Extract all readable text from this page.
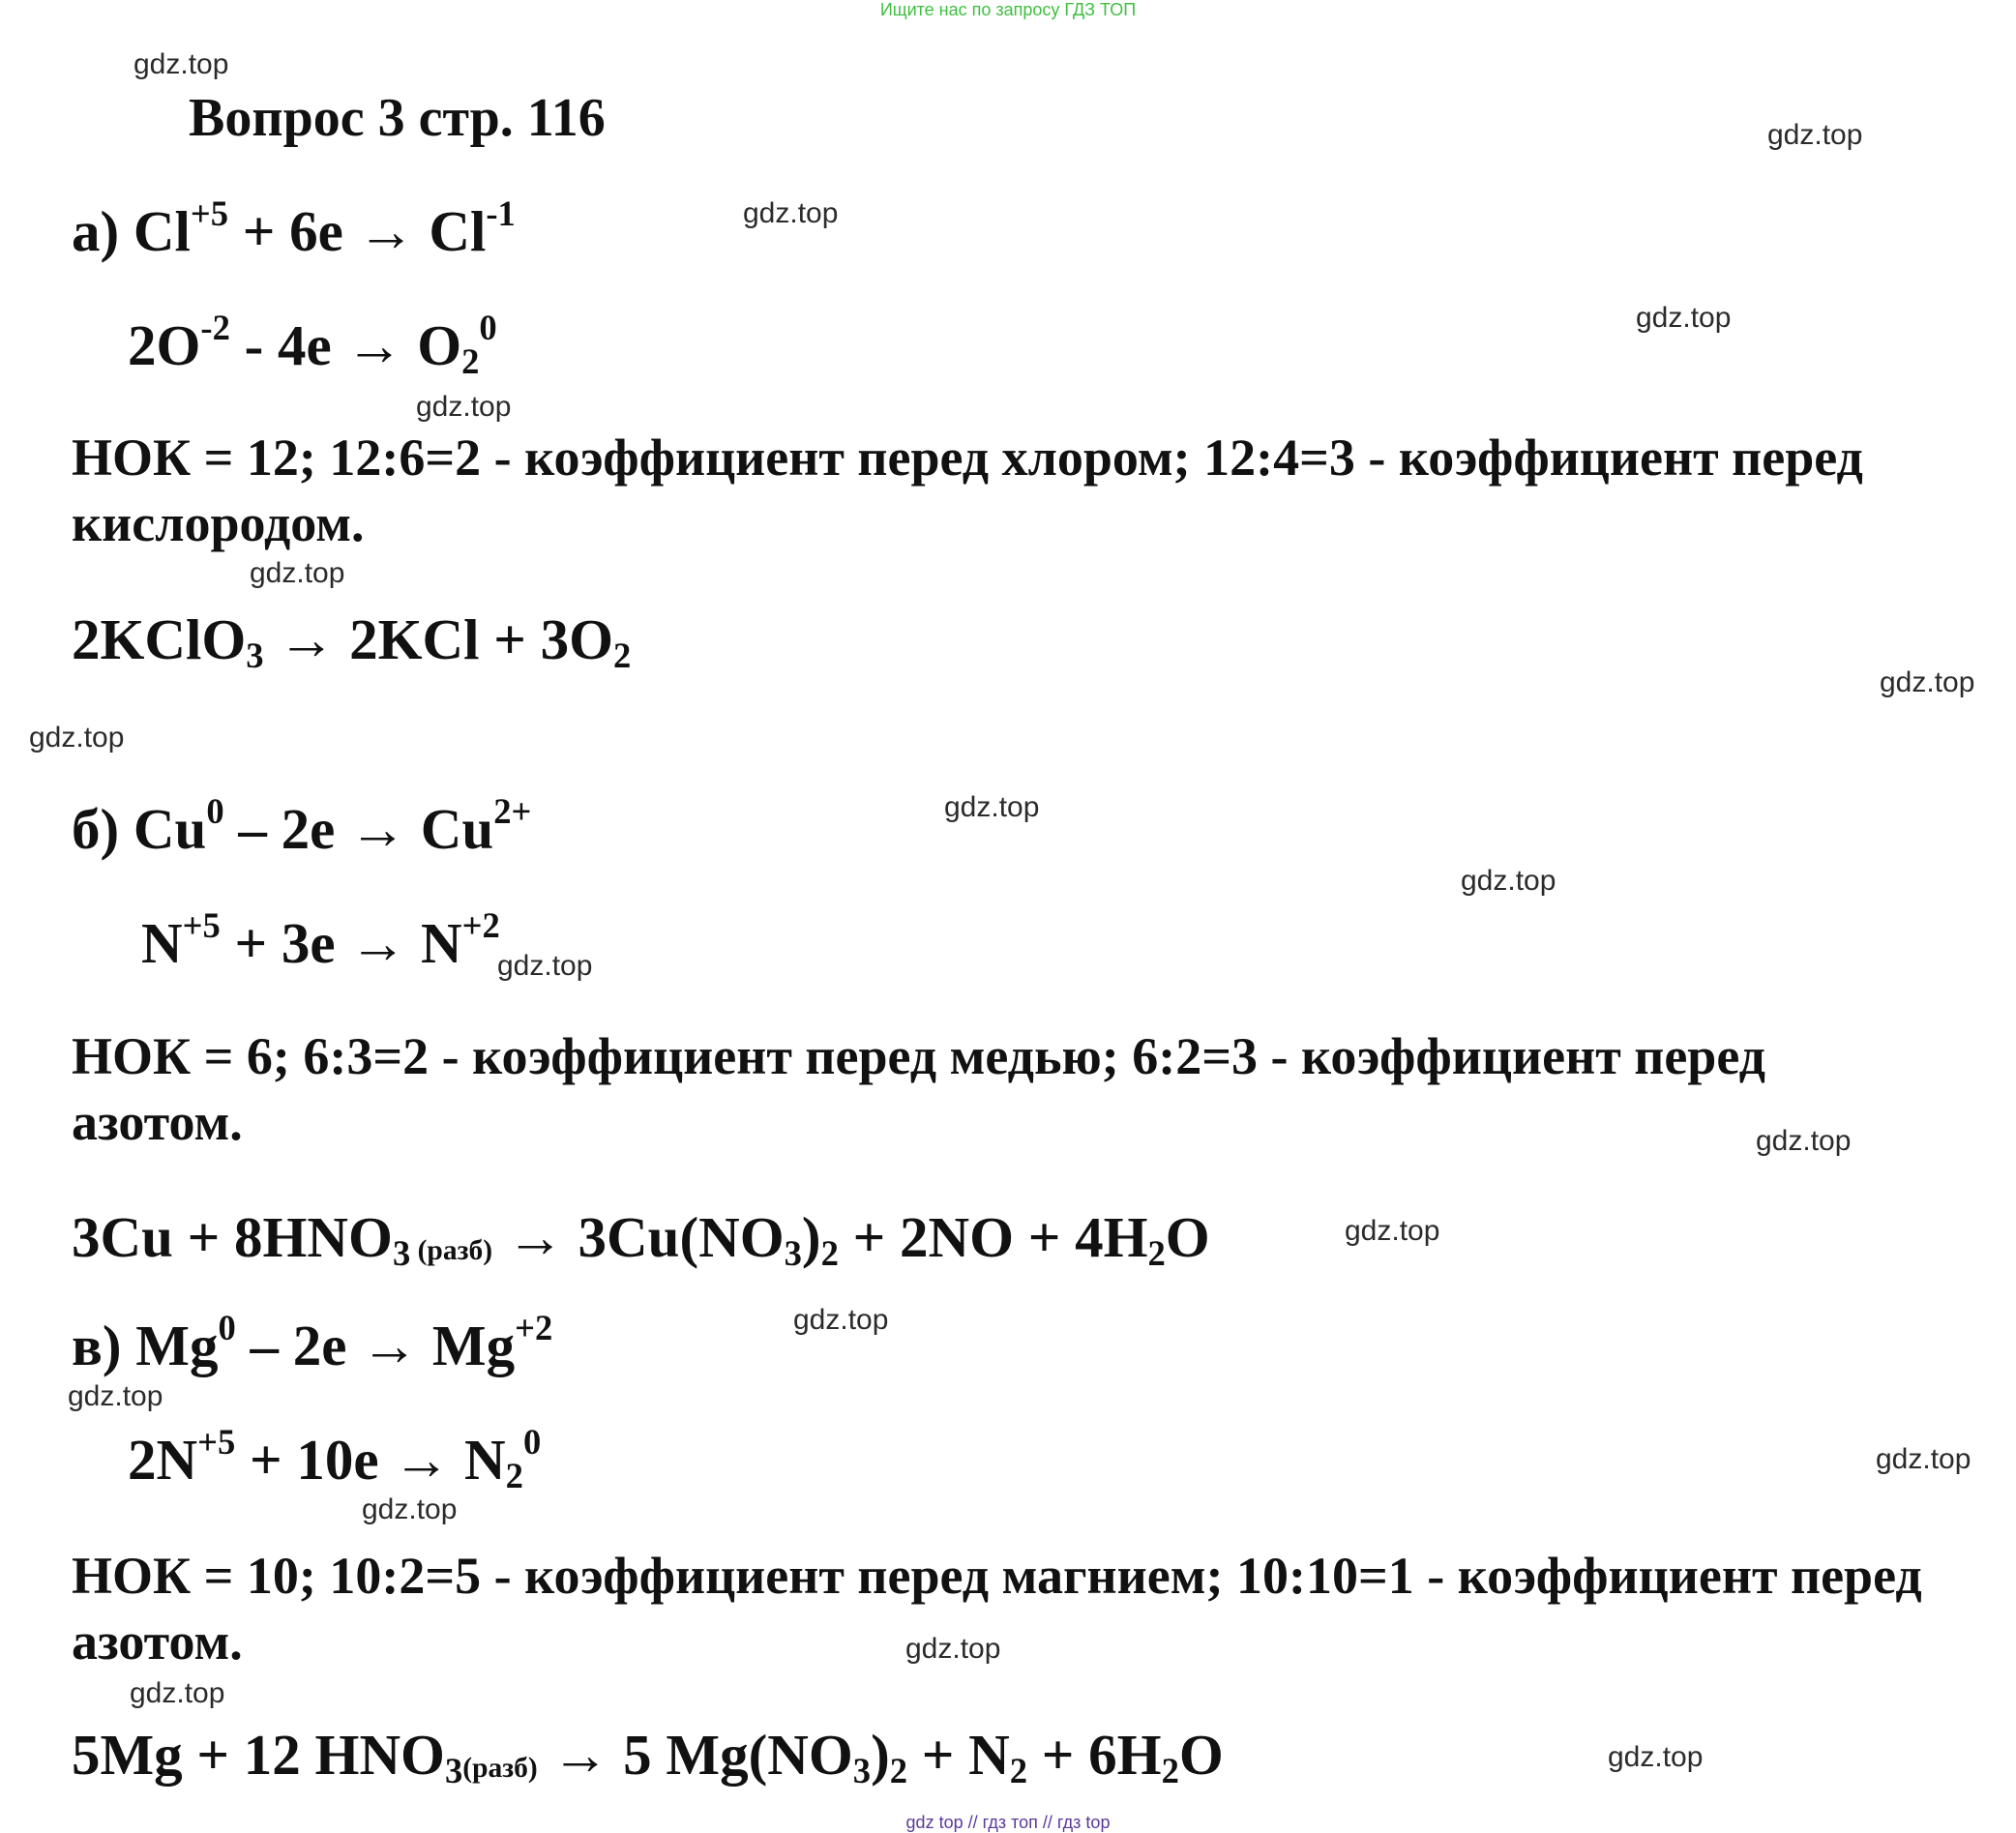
Ищите нас по запросу ГДЗ ТОП
Вопрос 3 стр. 116
а) $Cl^{+5} + 6e \to Cl^{-1}$
$2O^{-2} - 4e \to O_2^0$
НОК = 12; 12:6=2 - коэффициент перед хлором; 12:4=3 - коэффициент перед кислородом.
2KClO$_3$ → $2KCl + 3O_2$
б) $Cu^0 - 2e \to Cu^{2+}$
$N^{+5} + 3e \to N^{+2}$
НОК = 6; 6:3=2 - коэффициент перед медью; 6:2=3 - коэффициент перед азотом.
$3Cu + 8HNO_3$ $_{(разб)} \to 3Cu(NO_3)_2 + 2NO + 4H_2O$
в) $Mg^0 - 2e \to Mg^{+2}$
$2N^{+5} + 10e \to N_2^0$
НОК = 10; 10:2=5 - коэффициент перед магнием; 10:10=1 - коэффициент перед азотом.
5Mg + 12 $HNO_{3(разб)} \to 5$ $Mg(NO_3)_2 + N_2 + 6H_2O$
gdz.top
gdz.top
gdz.top
gdz.top
gdz.top
gdz.top
gdz.top
gdz.top
gdz.top
gdz.top
gdz.top
gdz.top
gdz.top
gdz.top
gdz.top
gdz.top
gdz.top
gdz.top
gdz.top
gdz.top
gdz top // гдз топ // гдз top
